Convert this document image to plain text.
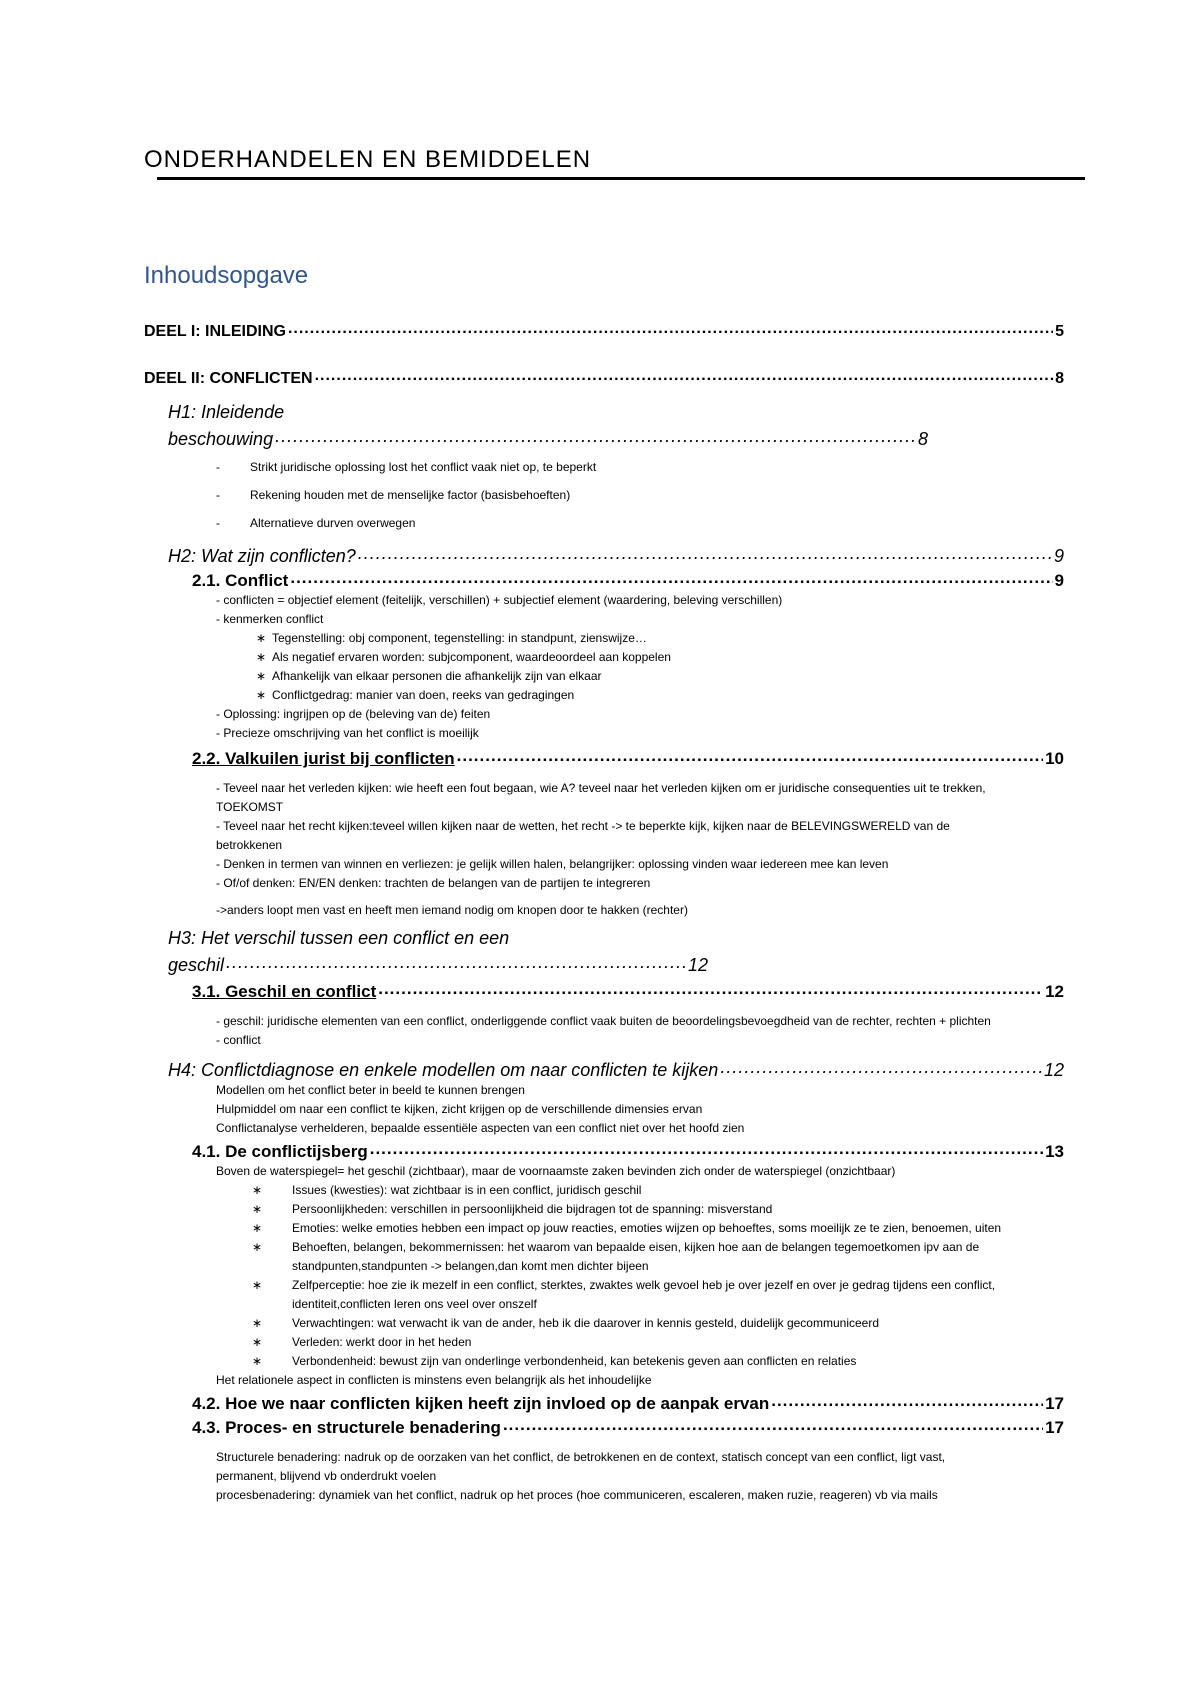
ONDERHANDELEN EN BEMIDDELEN
Inhoudsopgave
DEEL I: INLEIDING .....	5
DEEL II: CONFLICTEN .....	8
H1: Inleidende
beschouwing .....	8
-	Strikt juridische oplossing lost het conflict vaak niet op, te beperkt
-	Rekening houden met de menselijke factor (basisbehoeften)
-	Alternatieve durven overwegen
H2: Wat zijn conflicten? .....	9
2.1. Conflict .....	9
- conflicten = objectief element (feitelijk, verschillen) + subjectief element (waardering, beleving verschillen)
- kenmerken conflict
∗ Tegenstelling: obj component, tegenstelling: in standpunt, zienswijze…
∗ Als negatief ervaren worden: subjcomponent, waardeoordeel aan koppelen
∗ Afhankelijk van elkaar personen die afhankelijk zijn van elkaar
∗ Conflictgedrag: manier van doen, reeks van gedragingen
- Oplossing: ingrijpen op de (beleving van de) feiten
- Precieze omschrijving van het conflict is moeilijk
2.2. Valkuilen jurist bij conflicten .....	10
- Teveel naar het verleden kijken: wie heeft een fout begaan, wie A? teveel naar het verleden kijken om er juridische consequenties uit te trekken,
TOEKOMST
- Teveel naar het recht kijken:teveel willen kijken naar de wetten, het recht -> te beperkte kijk, kijken naar de BELEVINGSWERELD van de
betrokkenen
- Denken in termen van winnen en verliezen: je gelijk willen halen, belangrijker: oplossing vinden waar iedereen mee kan leven
- Of/of denken: EN/EN denken: trachten de belangen van de partijen te integreren
->anders loopt men vast en heeft men iemand nodig om knopen door te hakken (rechter)
H3: Het verschil tussen een conflict en een
geschil .....	12
3.1. Geschil en conflict .....	12
- geschil: juridische elementen van een conflict, onderliggende conflict vaak buiten de beoordelingsbevoegdheid van de rechter, rechten + plichten
- conflict
H4: Conflictdiagnose en enkele modellen om naar conflicten te kijken .....	12
Modellen om het conflict beter in beeld te kunnen brengen
Hulpmiddel om naar een conflict te kijken, zicht krijgen op de verschillende dimensies ervan
Conflictanalyse verhelderen, bepaalde essentiële aspecten van een conflict niet over het hoofd zien
4.1. De conflictijsberg .....	13
Boven de waterspiegel= het geschil (zichtbaar), maar de voornaamste zaken bevinden zich onder de waterspiegel (onzichtbaar)
∗	Issues (kwesties): wat zichtbaar is in een conflict, juridisch geschil
∗	Persoonlijkheden: verschillen in persoonlijkheid die bijdragen tot de spanning: misverstand
∗	Emoties: welke emoties hebben een impact op jouw reacties, emoties wijzen op behoeftes, soms moeilijk ze te zien, benoemen, uiten
∗	Behoeften, belangen, bekommernissen: het waarom van bepaalde eisen, kijken hoe aan de belangen tegemoetkomen ipv aan de standpunten,standpunten -> belangen,dan komt men dichter bijeen
∗	Zelfperceptie: hoe zie ik mezelf in een conflict, sterktes, zwaktes welk gevoel heb je over jezelf en over je gedrag tijdens een conflict, identiteit,conflicten leren ons veel over onszelf
∗	Verwachtingen: wat verwacht ik van de ander, heb ik die daarover in kennis gesteld, duidelijk gecommuniceerd
∗	Verleden: werkt door in het heden
∗	Verbondenheid: bewust zijn van onderlinge verbondenheid, kan betekenis geven aan conflicten en relaties
Het relationele aspect in conflicten is minstens even belangrijk als het inhoudelijke
4.2. Hoe we naar conflicten kijken heeft zijn invloed op de aanpak ervan .....	17
4.3. Proces- en structurele benadering .....	17
Structurele benadering: nadruk op de oorzaken van het conflict, de betrokkenen en de context, statisch concept van een conflict, ligt vast,
permanent, blijvend vb onderdrukt voelen
procesbenadering: dynamiek van het conflict, nadruk op het proces (hoe communiceren, escaleren, maken ruzie, reageren) vb via mails
